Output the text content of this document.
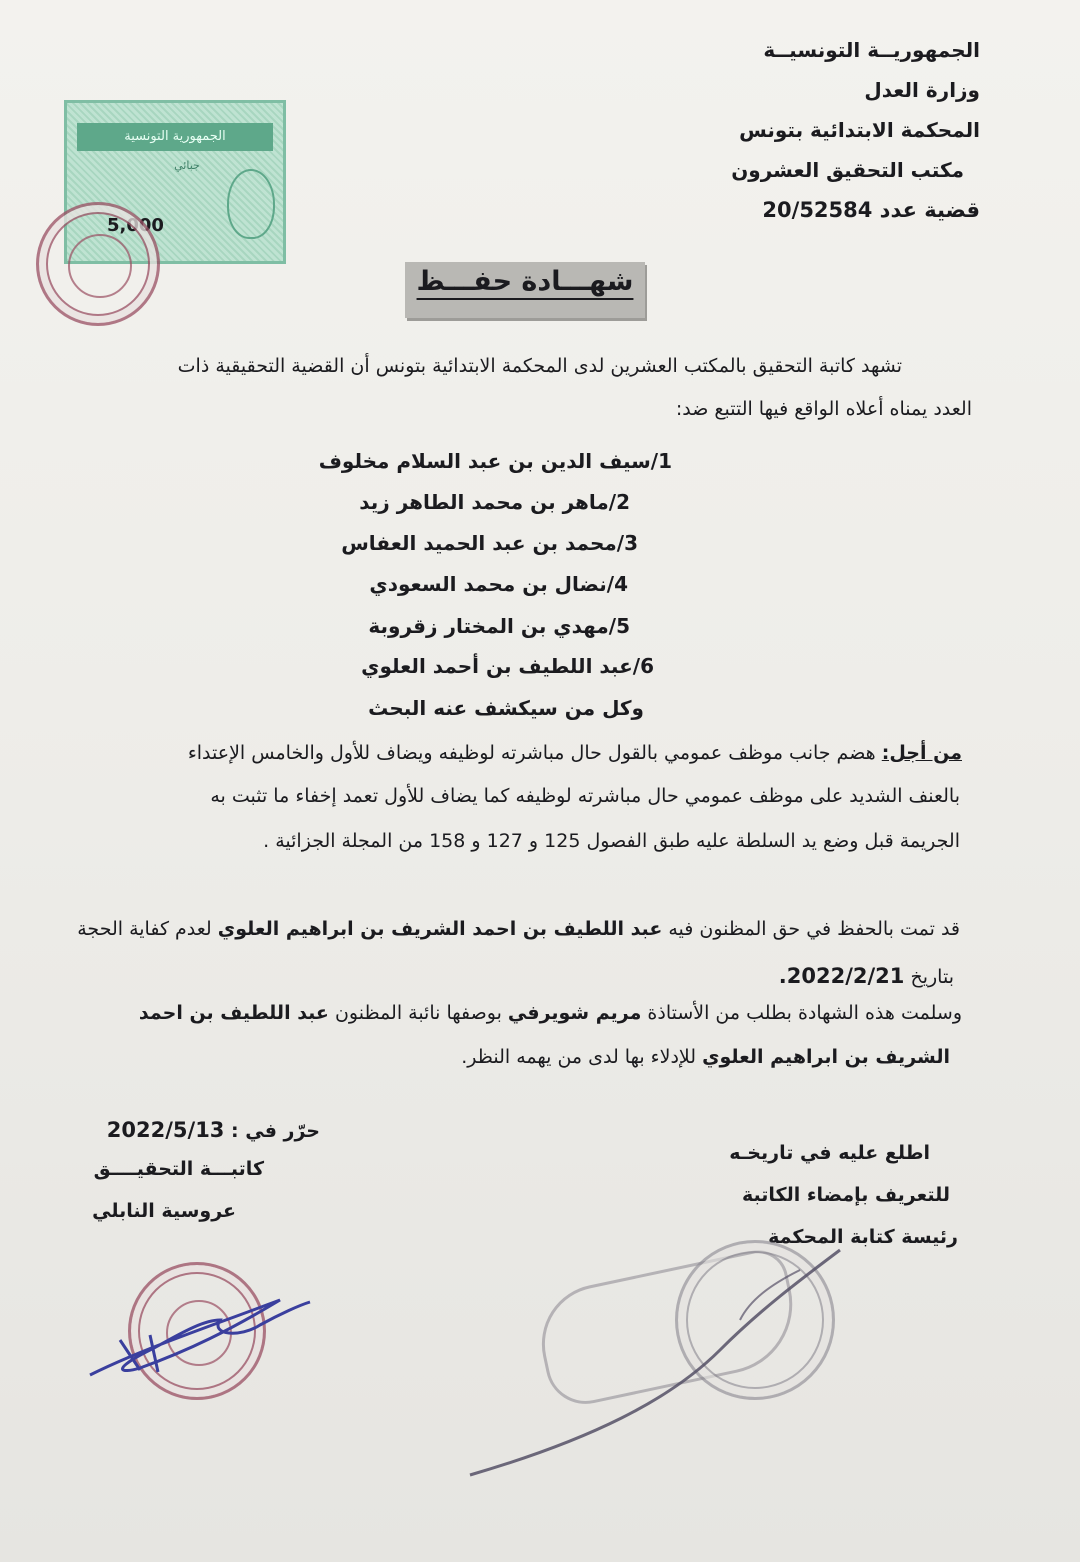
الجمهوريــة التونسيــة
وزارة العدل
المحكمة الابتدائية بتونس
مكتب التحقيق العشرون
قضية عدد 20/52584
الجمهورية التونسية
جبائي
5,000
شهـــادة حفـــظ
تشهد كاتبة التحقيق بالمكتب العشرين لدى المحكمة الابتدائية بتونس أن القضية التحقيقية ذات
العدد يمناه أعلاه الواقع فيها التتبع ضد:
1/سيف الدين بن عبد السلام مخلوف
2/ماهر بن محمد الطاهر زيد
3/محمد بن عبد الحميد العفاس
4/نضال بن محمد السعودي
5/مهدي بن المختار زقروبة
6/عبد اللطيف بن أحمد العلوي
وكل من سيكشف عنه البحث
من أجل: هضم جانب موظف عمومي بالقول حال مباشرته لوظيفه ويضاف للأول والخامس الإعتداء
بالعنف الشديد على موظف عمومي حال مباشرته لوظيفه كما يضاف للأول تعمد إخفاء ما تثبت به
الجريمة قبل وضع يد السلطة عليه طبق الفصول 125 و 127 و 158 من المجلة الجزائية .
قد تمت بالحفظ في حق المظنون فيه عبد اللطيف بن احمد الشريف بن ابراهيم العلوي لعدم كفاية الحجة
بتاريخ 2022/2/21.
وسلمت هذه الشهادة بطلب من الأستاذة مريم شويرفي بوصفها نائبة المظنون عبد اللطيف بن احمد
الشريف بن ابراهيم العلوي للإدلاء بها لدى من يهمه النظر.
حرّر في : 2022/5/13
كاتبـــة التحقيــــق
عروسية النابلي
اطلع عليه في تاريخـه
للتعريف بإمضاء الكاتبة
رئيسة كتابة المحكمة
